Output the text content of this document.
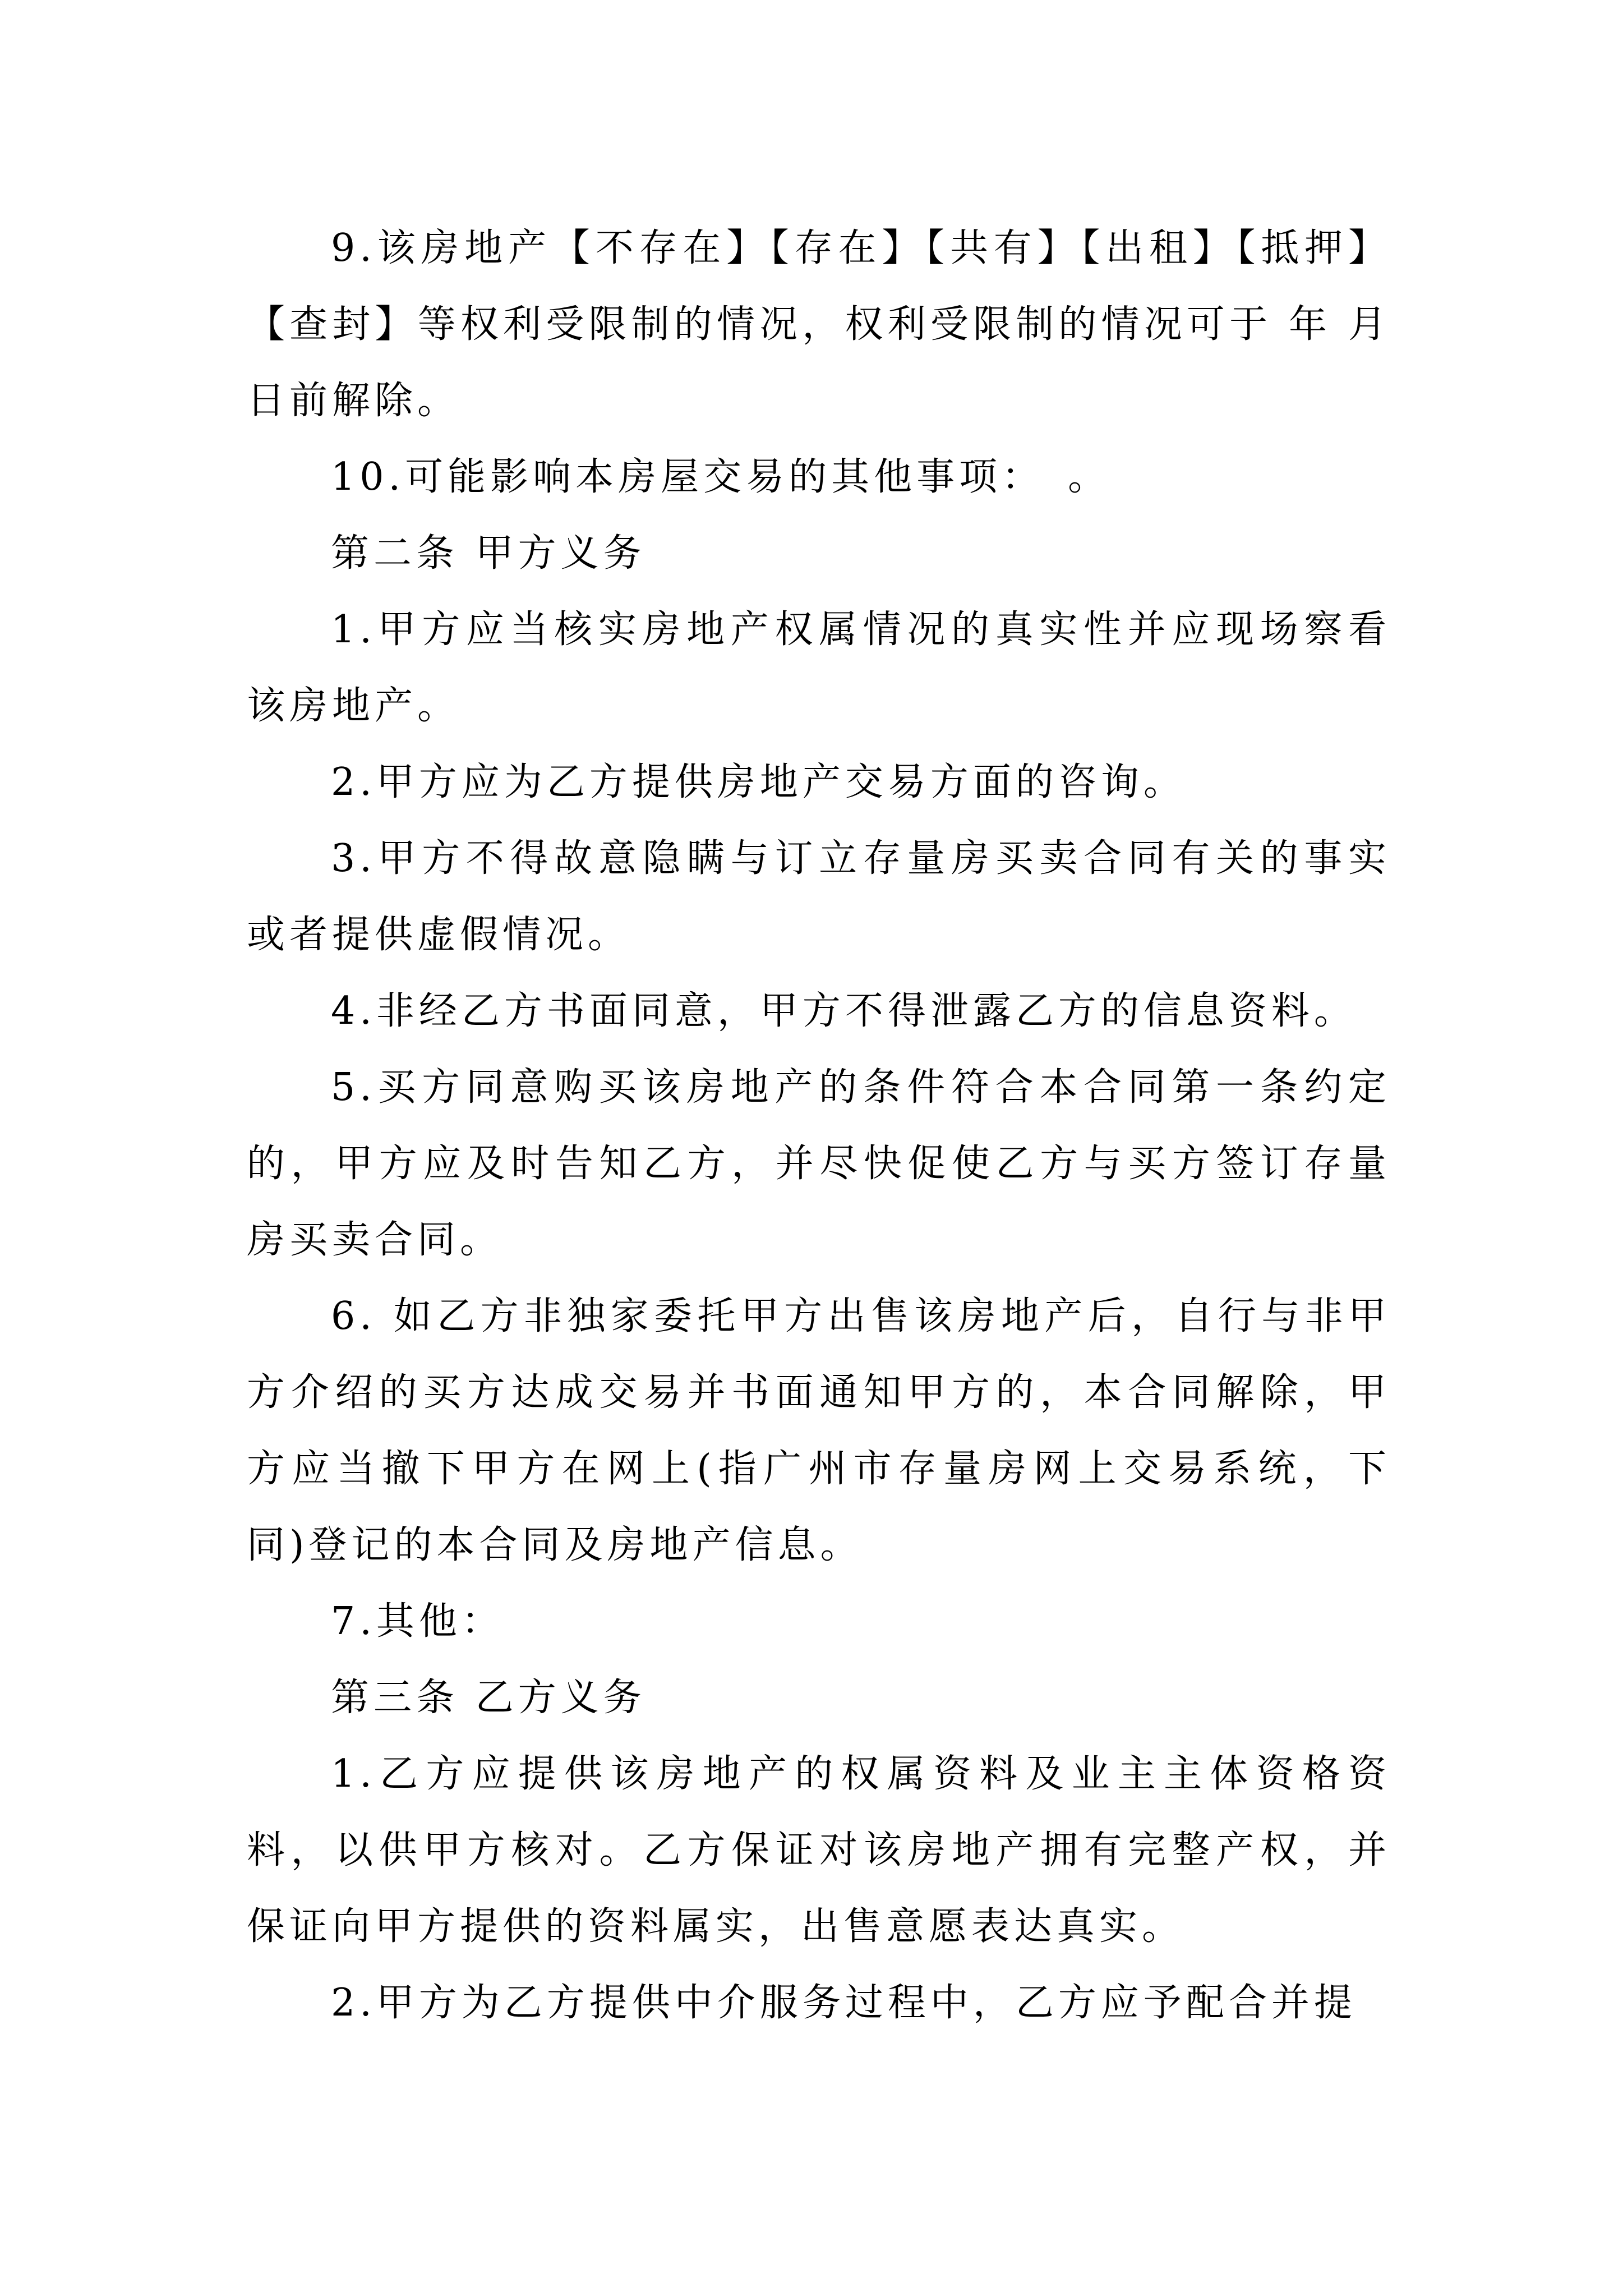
9.该房地产【不存在】【存在】【共有】【出租】【抵押】【查封】等权利受限制的情况，权利受限制的情况可于 年 月 日前解除。

10.可能影响本房屋交易的其他事项：　。

第二条 甲方义务

1.甲方应当核实房地产权属情况的真实性并应现场察看该房地产。

2.甲方应为乙方提供房地产交易方面的咨询。

3.甲方不得故意隐瞒与订立存量房买卖合同有关的事实或者提供虚假情况。

4.非经乙方书面同意，甲方不得泄露乙方的信息资料。

5.买方同意购买该房地产的条件符合本合同第一条约定的，甲方应及时告知乙方，并尽快促使乙方与买方签订存量房买卖合同。

6. 如乙方非独家委托甲方出售该房地产后，自行与非甲方介绍的买方达成交易并书面通知甲方的，本合同解除，甲方应当撤下甲方在网上(指广州市存量房网上交易系统，下同)登记的本合同及房地产信息。

7.其他：

第三条 乙方义务

1.乙方应提供该房地产的权属资料及业主主体资格资料，以供甲方核对。乙方保证对该房地产拥有完整产权，并保证向甲方提供的资料属实，出售意愿表达真实。

2.甲方为乙方提供中介服务过程中，乙方应予配合并提
